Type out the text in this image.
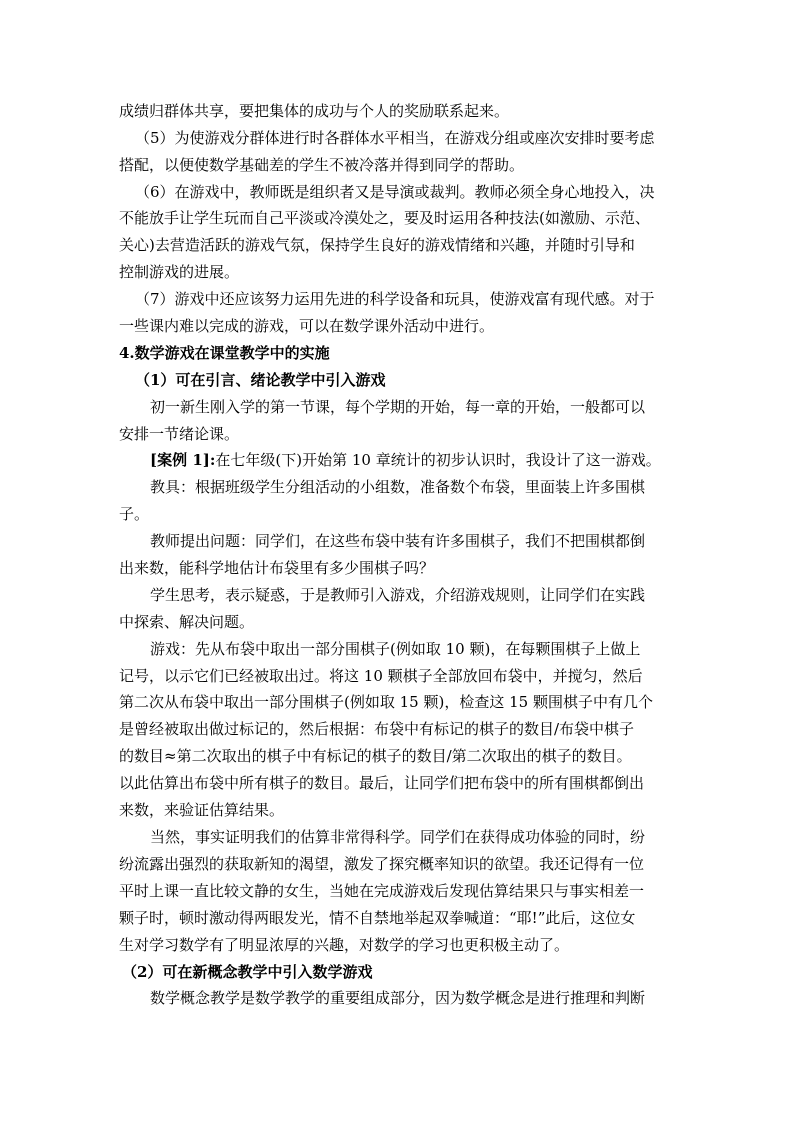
成绩归群体共享，要把集体的成功与个人的奖励联系起来。
（5）为使游戏分群体进行时各群体水平相当，在游戏分组或座次安排时要考虑
搭配，以便使数学基础差的学生不被冷落并得到同学的帮助。
（6）在游戏中，教师既是组织者又是导演或裁判。教师必须全身心地投入，决
不能放手让学生玩而自己平淡或冷漠处之，要及时运用各种技法(如激励、示范、
关心)去营造活跃的游戏气氛，保持学生良好的游戏情绪和兴趣，并随时引导和
控制游戏的进展。
（7）游戏中还应该努力运用先进的科学设备和玩具，使游戏富有现代感。对于
一些课内难以完成的游戏，可以在数学课外活动中进行。
4.数学游戏在课堂教学中的实施
（1）可在引言、绪论教学中引入游戏
初一新生刚入学的第一节课，每个学期的开始，每一章的开始，一般都可以
安排一节绪论课。
[案例 1]:在七年级(下)开始第 10 章统计的初步认识时，我设计了这一游戏。
教具：根据班级学生分组活动的小组数，准备数个布袋，里面装上许多围棋
子。
教师提出问题：同学们，在这些布袋中装有许多围棋子，我们不把围棋都倒
出来数，能科学地估计布袋里有多少围棋子吗？
学生思考，表示疑惑，于是教师引入游戏，介绍游戏规则，让同学们在实践
中探索、解决问题。
游戏：先从布袋中取出一部分围棋子(例如取 10 颗)，在每颗围棋子上做上
记号，以示它们已经被取出过。将这 10 颗棋子全部放回布袋中，并搅匀，然后
第二次从布袋中取出一部分围棋子(例如取 15 颗)，检查这 15 颗围棋子中有几个
是曾经被取出做过标记的，然后根据：布袋中有标记的棋子的数目/布袋中棋子
的数目≈第二次取出的棋子中有标记的棋子的数目/第二次取出的棋子的数目。
以此估算出布袋中所有棋子的数目。最后，让同学们把布袋中的所有围棋都倒出
来数，来验证估算结果。
当然，事实证明我们的估算非常得科学。同学们在获得成功体验的同时，纷
纷流露出强烈的获取新知的渴望，激发了探究概率知识的欲望。我还记得有一位
平时上课一直比较文静的女生，当她在完成游戏后发现估算结果只与事实相差一
颗子时，顿时激动得两眼发光，情不自禁地举起双拳喊道：“耶!”此后，这位女
生对学习数学有了明显浓厚的兴趣，对数学的学习也更积极主动了。
（2）可在新概念教学中引入数学游戏
数学概念教学是数学教学的重要组成部分，因为数学概念是进行推理和判断
